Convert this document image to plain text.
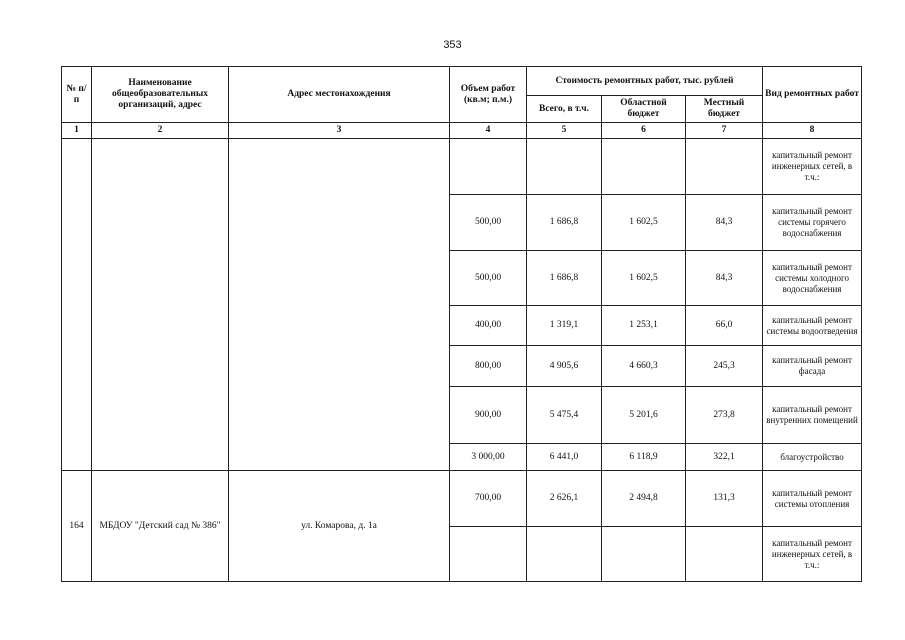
353
№ п/п	Наименование общеобразовательных организаций, адрес	Адрес местонахождения	Объем работ (кв.м; п.м.)	Стоимость ремонтных работ, тыс. рублей			Вид ремонтных работ
				Всего, в т.ч.	Областной бюджет	Местный бюджет	
1	2	3	4	5	6	7	8
							капитальный ремонт инженерных сетей, в т.ч.:
			500,00	1 686,8	1 602,5	84,3	капитальный ремонт системы горячего водоснабжения
			500,00	1 686,8	1 602,5	84,3	капитальный ремонт системы холодного водоснабжения
			400,00	1 319,1	1 253,1	66,0	капитальный ремонт системы водоотведения
			800,00	4 905,6	4 660,3	245,3	капитальный ремонт фасада
			900,00	5 475,4	5 201,6	273,8	капитальный ремонт внутренних помещений
			3 000,00	6 441,0	6 118,9	322,1	благоустройство
164	МБДОУ "Детский сад № 386"	ул. Комарова, д. 1а	700,00	2 626,1	2 494,8	131,3	капитальный ремонт системы отопления
							капитальный ремонт инженерных сетей, в т.ч.:
